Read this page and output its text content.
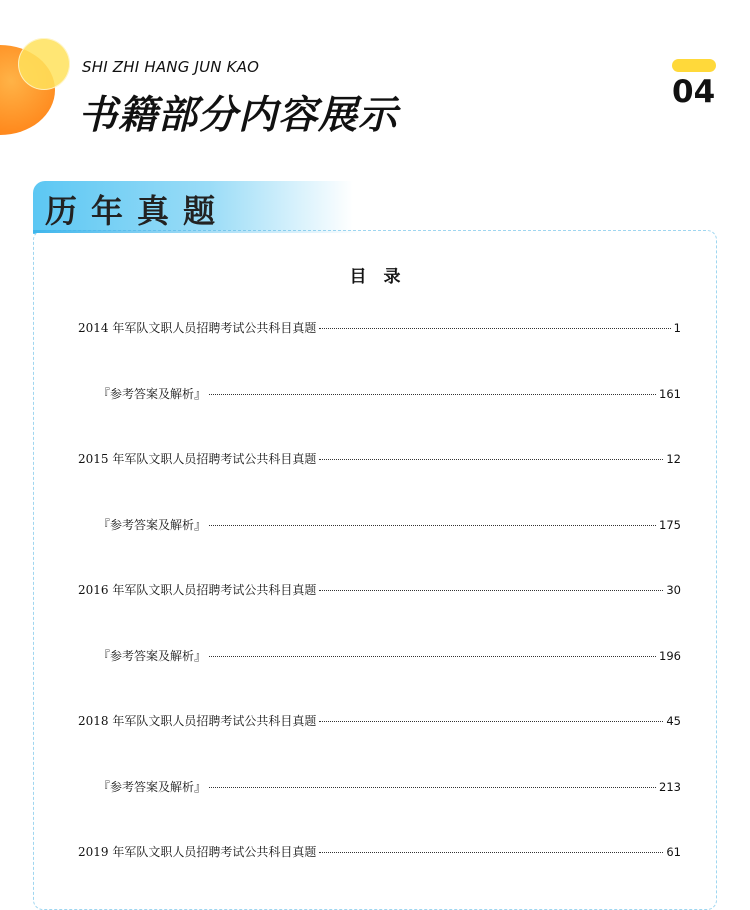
SHI ZHI HANG JUN KAO

书籍部分内容展示

04

历年真题
目　录
2014 年军队文职人员招聘考试公共科目真题	1
『参考答案及解析』	161
2015 年军队文职人员招聘考试公共科目真题	12
『参考答案及解析』	175
2016 年军队文职人员招聘考试公共科目真题	30
『参考答案及解析』	196
2018 年军队文职人员招聘考试公共科目真题	45
『参考答案及解析』	213
2019 年军队文职人员招聘考试公共科目真题	61
